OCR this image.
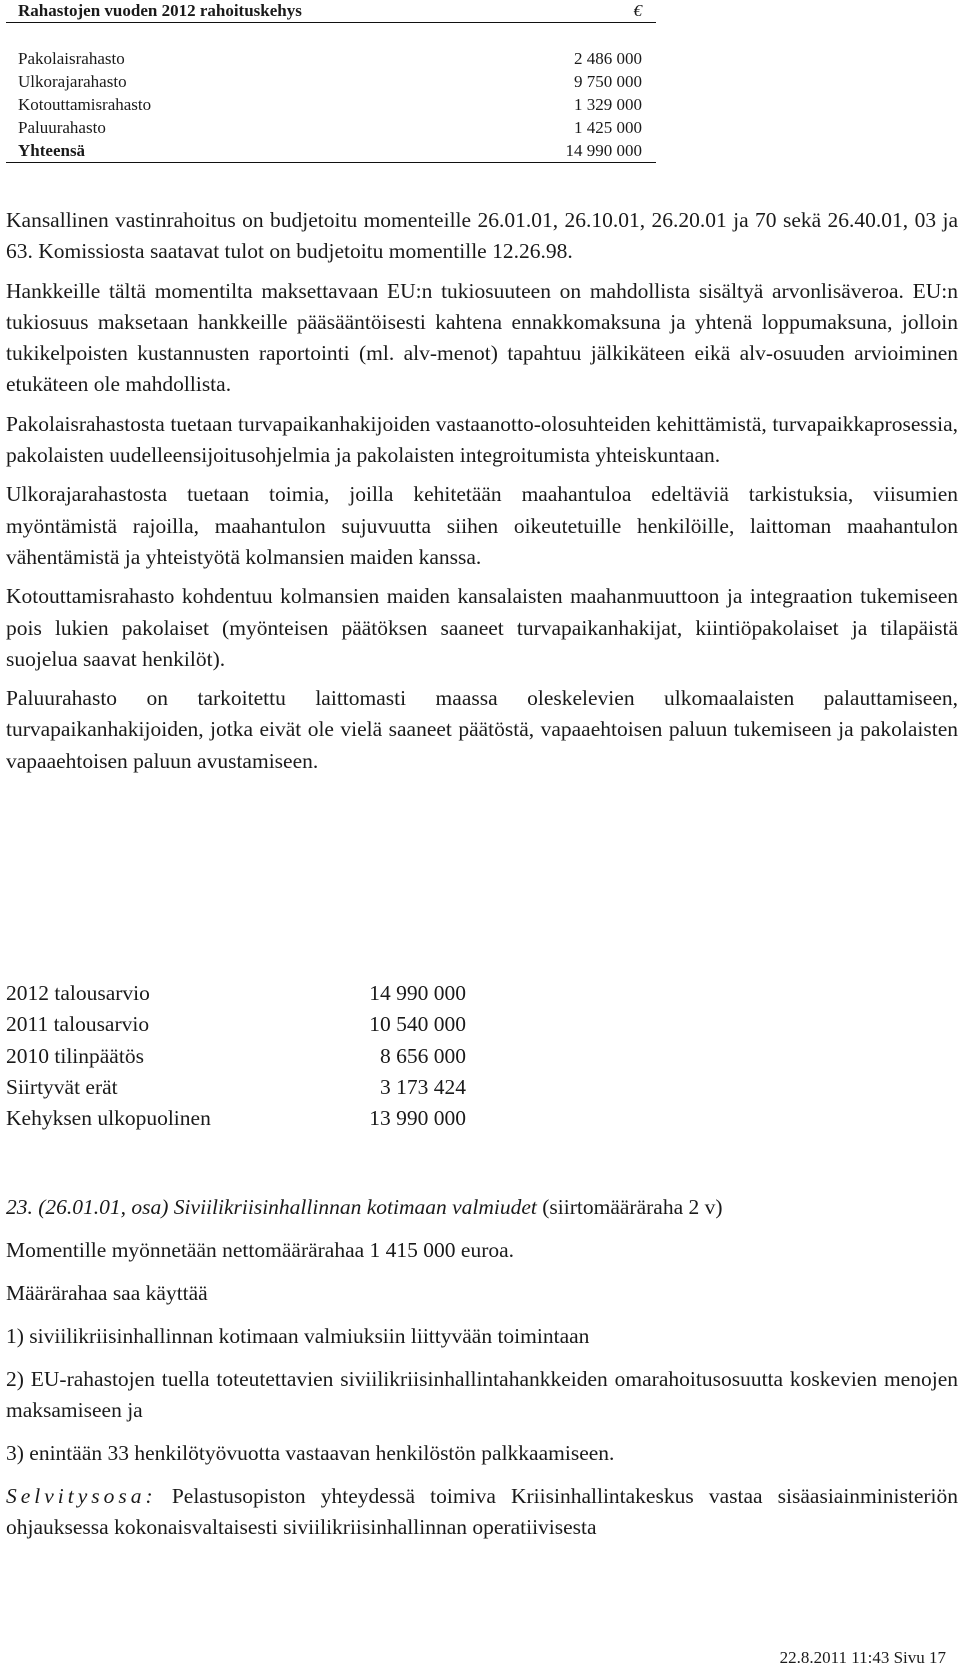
Rahastojen vuoden 2012 rahoituskehys	€
Pakolaisrahasto	2 486 000
Ulkorajarahasto	9 750 000
Kotouttamisrahasto	1 329 000
Paluurahasto	1 425 000
Yhteensä	14 990 000

Kansallinen vastinrahoitus on budjetoitu momenteille 26.01.01, 26.10.01, 26.20.01 ja 70 sekä 26.40.01, 03 ja 63. Komissiosta saatavat tulot on budjetoitu momentille 12.26.98.

Hankkeille tältä momentilta maksettavaan EU:n tukiosuuteen on mahdollista sisältyä arvonlisäveroa. EU:n tukiosuus maksetaan hankkeille pääsääntöisesti kahtena ennakkomaksuna ja yhtenä loppumaksuna, jolloin tukikelpoisten kustannusten raportointi (ml. alv-menot) tapahtuu jälkikäteen eikä alv-osuuden arvioiminen etukäteen ole mahdollista.

Pakolaisrahastosta tuetaan turvapaikanhakijoiden vastaanotto-olosuhteiden kehittämistä, turvapaikkaprosessia, pakolaisten uudelleensijoitusohjelmia ja pakolaisten integroitumista yhteiskuntaan.

Ulkorajarahastosta tuetaan toimia, joilla kehitetään maahantuloa edeltäviä tarkistuksia, viisumien myöntämistä rajoilla, maahantulon sujuvuutta siihen oikeutetuille henkilöille, laittoman maahantulon vähentämistä ja yhteistyötä kolmansien maiden kanssa.

Kotouttamisrahasto kohdentuu kolmansien maiden kansalaisten maahanmuuttoon ja integraation tukemiseen pois lukien pakolaiset (myönteisen päätöksen saaneet turvapaikanhakijat, kiintiöpakolaiset ja tilapäistä suojelua saavat henkilöt).

Paluurahasto on tarkoitettu laittomasti maassa oleskelevien ulkomaalaisten palauttamiseen, turvapaikanhakijoiden, jotka eivät ole vielä saaneet päätöstä, vapaaehtoisen paluun tukemiseen ja pakolaisten vapaaehtoisen paluun avustamiseen.

2012 talousarvio	14 990 000
2011 talousarvio	10 540 000
2010 tilinpäätös	8 656 000
Siirtyvät erät	3 173 424
Kehyksen ulkopuolinen	13 990 000

23. (26.01.01, osa) Siviilikriisinhallinnan kotimaan valmiudet (siirtomääräraha 2 v)

Momentille myönnetään nettomäärärahaa 1 415 000 euroa.

Määrärahaa saa käyttää

1) siviilikriisinhallinnan kotimaan valmiuksiin liittyvään toimintaan

2) EU-rahastojen tuella toteutettavien siviilikriisinhallintahankkeiden omarahoitusosuutta koskevien menojen maksamiseen ja

3) enintään 33 henkilötyövuotta vastaavan henkilöstön palkkaamiseen.

Selvitysosa: Pelastusopiston yhteydessä toimiva Kriisinhallintakeskus vastaa sisäasiainministeriön ohjauksessa kokonaisvaltaisesti siviilikriisinhallinnan operatiivisesta

22.8.2011 11:43 Sivu 17
